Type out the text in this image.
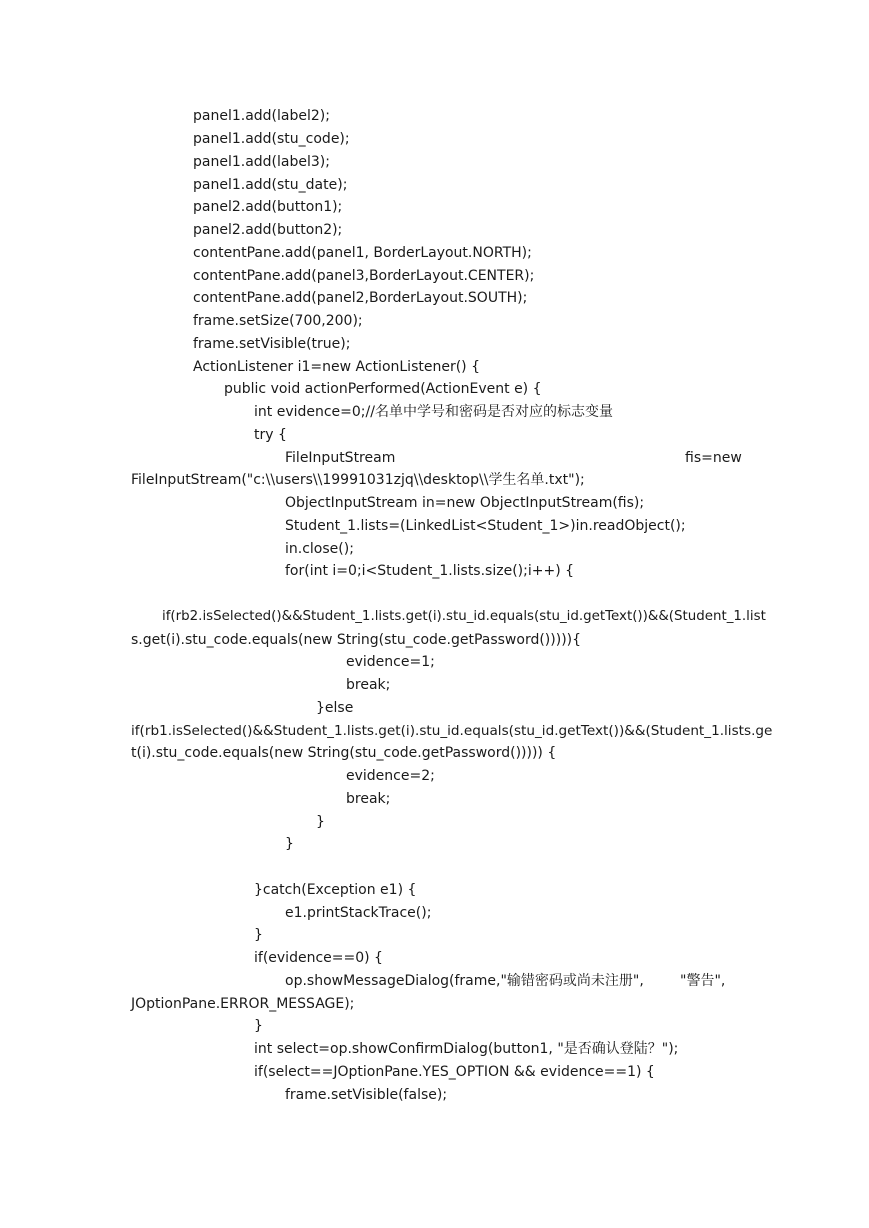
panel1.add(label2);
panel1.add(stu_code);
panel1.add(label3);
panel1.add(stu_date);
panel2.add(button1);
panel2.add(button2);
contentPane.add(panel1, BorderLayout.NORTH);
contentPane.add(panel3,BorderLayout.CENTER);
contentPane.add(panel2,BorderLayout.SOUTH);
frame.setSize(700,200);
frame.setVisible(true);
ActionListener i1=new ActionListener() {
public void actionPerformed(ActionEvent e) {
int evidence=0;//名单中学号和密码是否对应的标志变量
try {
FileInputStream	fis=new
FileInputStream("c:\\users\\19991031zjq\\desktop\\学生名单.txt");
ObjectInputStream in=new ObjectInputStream(fis);
Student_1.lists=(LinkedList<Student_1>)in.readObject();
in.close();
for(int i=0;i<Student_1.lists.size();i++) {
if(rb2.isSelected()&&Student_1.lists.get(i).stu_id.equals(stu_id.getText())&&(Student_1.list
s.get(i).stu_code.equals(new String(stu_code.getPassword())))){
evidence=1;
break;
}else
if(rb1.isSelected()&&Student_1.lists.get(i).stu_id.equals(stu_id.getText())&&(Student_1.lists.ge
t(i).stu_code.equals(new String(stu_code.getPassword())))) {
evidence=2;
break;
}
}
}catch(Exception e1) {
e1.printStackTrace();
}
if(evidence==0) {
op.showMessageDialog(frame,"输错密码或尚未注册",	"警告",
JOptionPane.ERROR_MESSAGE);
}
int select=op.showConfirmDialog(button1, "是否确认登陆？");
if(select==JOptionPane.YES_OPTION && evidence==1) {
frame.setVisible(false);
